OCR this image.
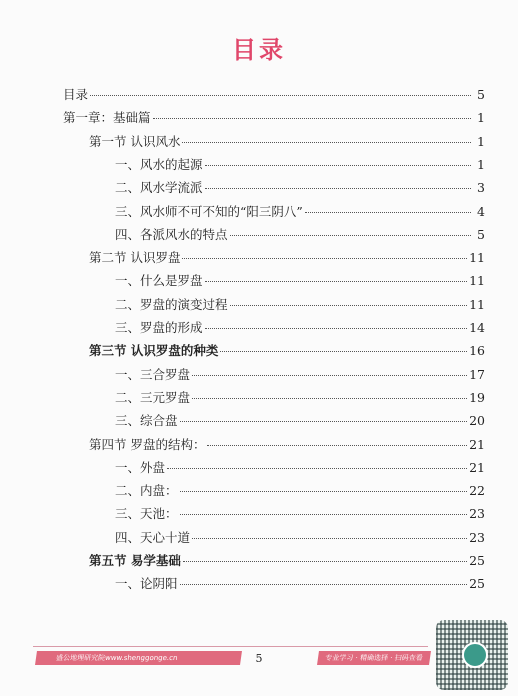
目录
目录	5
第一章：基础篇	1
第一节 认识风水	1
一、风水的起源	1
二、风水学流派	3
三、风水师不可不知的“阳三阴八”	4
四、各派风水的特点	5
第二节 认识罗盘	11
一、什么是罗盘	11
二、罗盘的演变过程	11
三、罗盘的形成	14
第三节 认识罗盘的种类	16
一、三合罗盘	17
二、三元罗盘	19
三、综合盘	20
第四节 罗盘的结构：	21
一、外盘	21
二、内盘：	22
三、天池：	23
四、天心十道	23
第五节 易学基础	25
一、论阴阳	25
盛公地理研究院www.shenggonge.cn	5	专业学习 · 精确选择 · 扫码查看
